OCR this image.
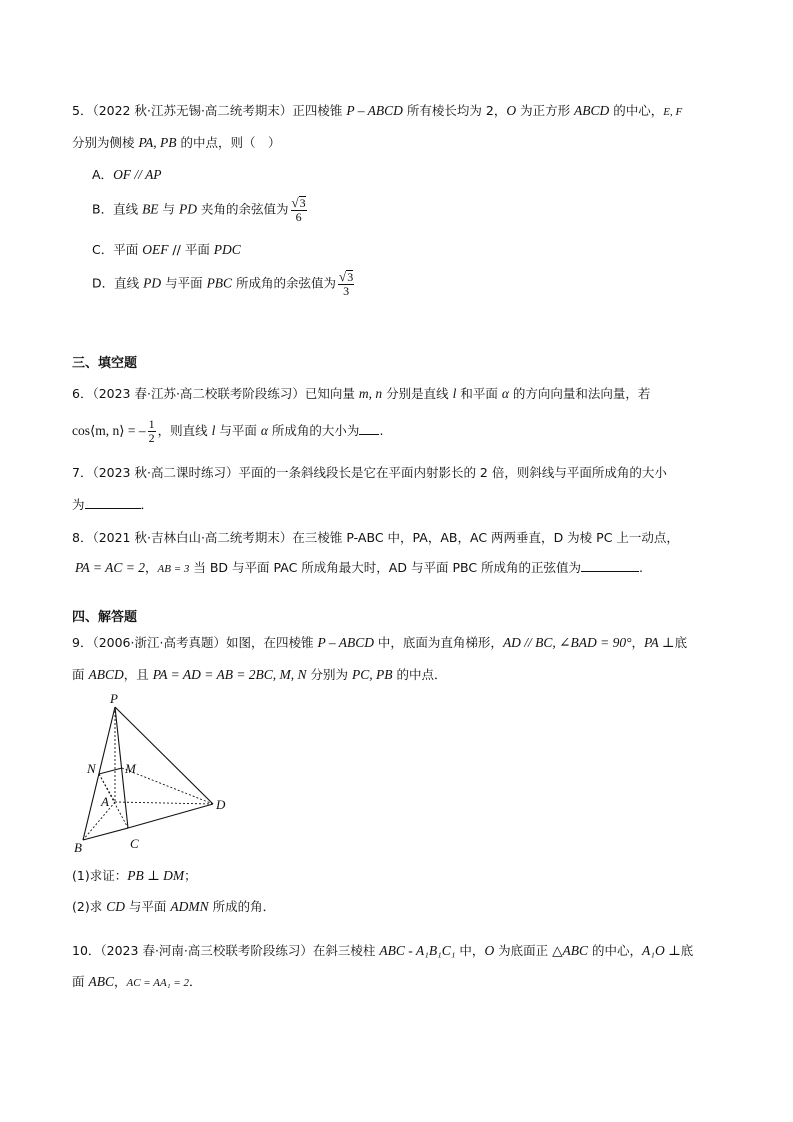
5．（2022 秋·江苏无锡·高二统考期末）正四棱锥 P – ABCD 所有棱长均为 2，O 为正方形 ABCD 的中心，E, F
分别为侧棱 PA, PB 的中点，则（　）
A．OF // AP
B．直线 BE 与 PD 夹角的余弦值为 $\frac{√ 3}{6}$
C．平面 OEF // 平面 PDC
D．直线 PD 与平面 PBC 所成角的余弦值为 $\frac{√ 3}{3}$
三、填空题
6．（2023 春·江苏·高二校联考阶段练习）已知向量 m, n 分别是直线 l 和平面 α 的方向向量和法向量，若
cos⟨m, n⟩ = – $\frac{1}{2}$ ，则直线 l 与平面 α 所成角的大小为 .
7．（2023 秋·高二课时练习）平面的一条斜线段长是它在平面内射影长的 2 倍，则斜线与平面所成角的大小
为	．
8．（2021 秋·吉林白山·高二统考期末）在三棱锥 P-ABC 中，PA，AB，AC 两两垂直，D 为棱 PC 上一动点，
PA = AC = 2，AB = 3 当 BD 与平面 PAC 所成角最大时，AD 与平面 PBC 所成角的正弦值为	.
四、解答题
9．（2006·浙江·高考真题）如图，在四棱锥 P – ABCD 中，底面为直角梯形，AD // BC, ∠BAD = 90°，PA ⊥底
面 ABCD，且 PA = AD = AB = 2BC, M, N 分别为 PC, PB 的中点．
P
N M
A	D
B	C
(1)求证：PB ⊥ DM；
(2)求 CD 与平面 ADMN 所成的角．
10．（2023 春·河南·高三校联考阶段练习）在斜三棱柱 ABC - A₁B₁C₁ 中，O 为底面正 △ABC 的中心，A₁O ⊥底
面 ABC，AC = AA₁ = 2．
